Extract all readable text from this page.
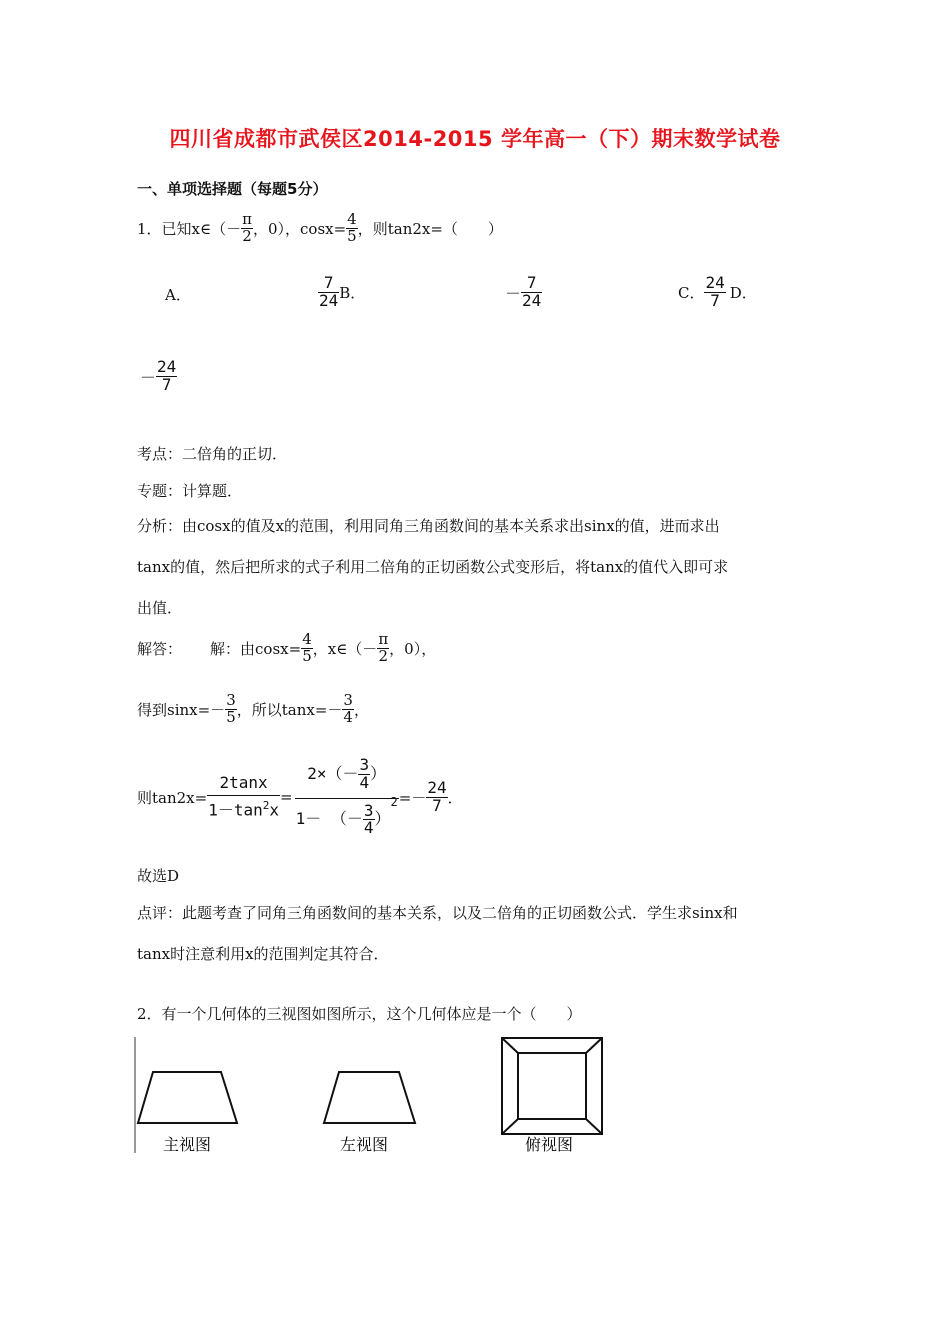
四川省成都市武侯区2014-2015 学年高一（下）期末数学试卷
一、单项选择题（每题5分）
1．已知x∈（－ $\frac{\pi}{2}$ ，0），$\cos x= \frac{4}{5}$ ，则tan2x=（　　）
A．	$\frac{7}{24}$ B．	－ $\frac{7}{24}$	C． $\frac{24}{7}$ D．
－ $\frac{24}{7}$
考点：二倍角的正切．
专题：计算题．
分析：由cosx的值及x的范围，利用同角三角函数间的基本关系求出sinx的值，进而求出
tanx的值，然后把所求的式子利用二倍角的正切函数公式变形后，将tanx的值代入即可求
出值．
解答： 解：由$\cos x= \frac{4}{5}$ ，x∈（－ $\frac{\pi}{2}$ ，0），
得到$\sin x=- \frac{3}{5}$ ，所以$\tan x=- \frac{3}{4}$ ，
则$\tan 2x= \frac{2\tan x}{1-\tan^2x}$ =
$2\times(- \frac{3}{4}$ ）
1－ （－ $\frac{3}{4}$ ）
$^2 =- \frac{24}{7}$ ．
故选D
点评：此题考查了同角三角函数间的基本关系，以及二倍角的正切函数公式．学生求sinx和
tanx时注意利用x的范围判定其符合．
2．有一个几何体的三视图如图所示，这个几何体应是一个（　　）
主视图	左视图	俯视图
